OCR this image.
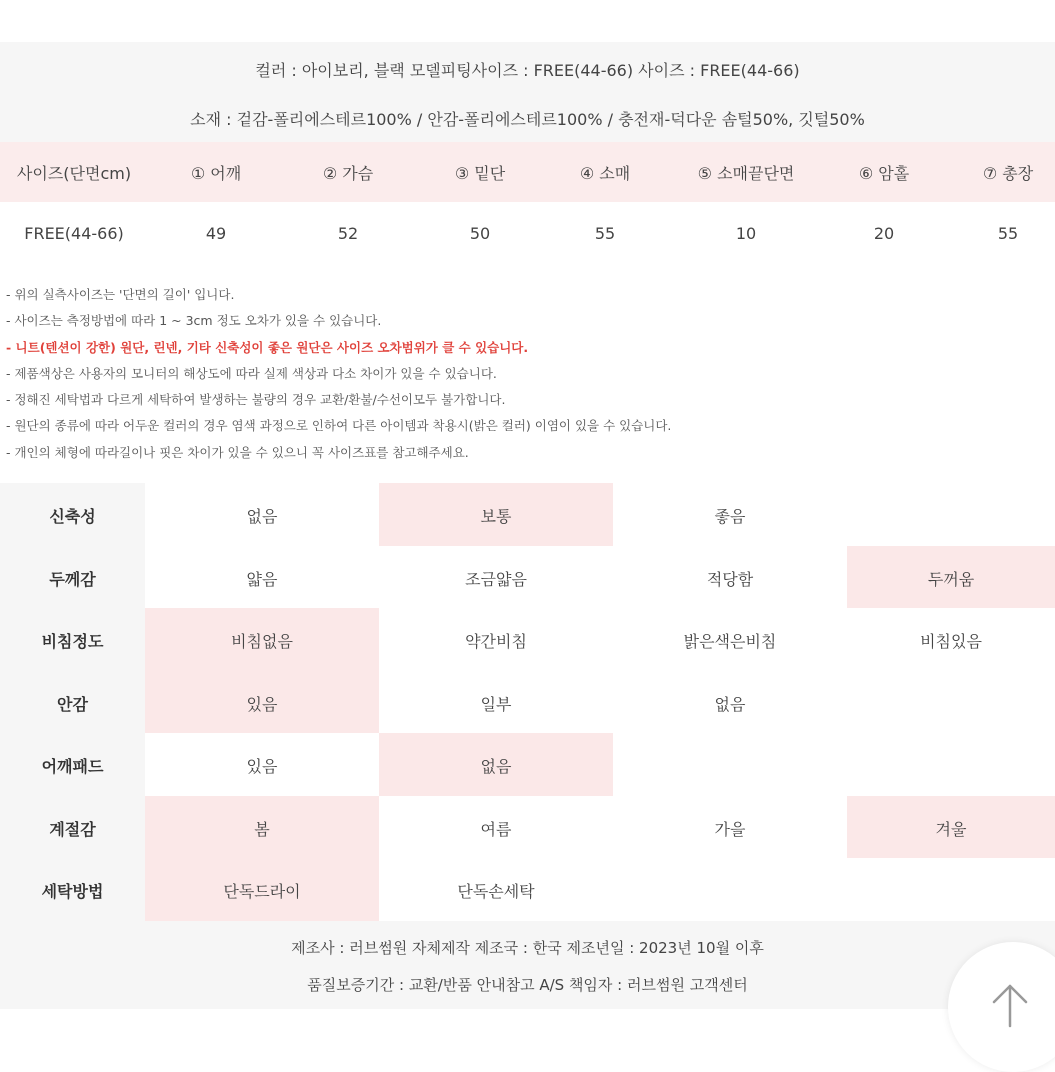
컬러 : 아이보리, 블랙 모델피팅사이즈 : FREE(44-66) 사이즈 : FREE(44-66)
소재 : 겉감-폴리에스테르100% / 안감-폴리에스테르100% / 충전재-덕다운 솜털50%, 깃털50%
사이즈(단면cm)	① 어깨	② 가슴	③ 밑단	④ 소매	⑤ 소매끝단면	⑥ 암홀	⑦ 총장
FREE(44-66)	49	52	50	55	10	20	55
- 위의 실측사이즈는 '단면의 길이' 입니다.
- 사이즈는 측정방법에 따라 1 ~ 3cm 정도 오차가 있을 수 있습니다.
- 니트(텐션이 강한) 원단, 린넨, 기타 신축성이 좋은 원단은 사이즈 오차범위가 클 수 있습니다.
- 제품색상은 사용자의 모니터의 해상도에 따라 실제 색상과 다소 차이가 있을 수 있습니다.
- 정해진 세탁법과 다르게 세탁하여 발생하는 불량의 경우 교환/환불/수선이모두 불가합니다.
- 원단의 종류에 따라 어두운 컬러의 경우 염색 과정으로 인하여 다른 아이템과 착용시(밝은 컬러) 이염이 있을 수 있습니다.
- 개인의 체형에 따라길이나 핏은 차이가 있을 수 있으니 꼭 사이즈표를 참고해주세요.
신축성	없음	보통	좋음
두께감	얇음	조금얇음	적당함	두꺼움
비침정도	비침없음	약간비침	밝은색은비침	비침있음
안감	있음	일부	없음
어깨패드	있음	없음
계절감	봄	여름	가을	겨울
세탁방법	단독드라이	단독손세탁
제조사 : 러브썸원 자체제작 제조국 : 한국 제조년일 : 2023년 10월 이후
품질보증기간 : 교환/반품 안내참고 A/S 책임자 : 러브썸원 고객센터
